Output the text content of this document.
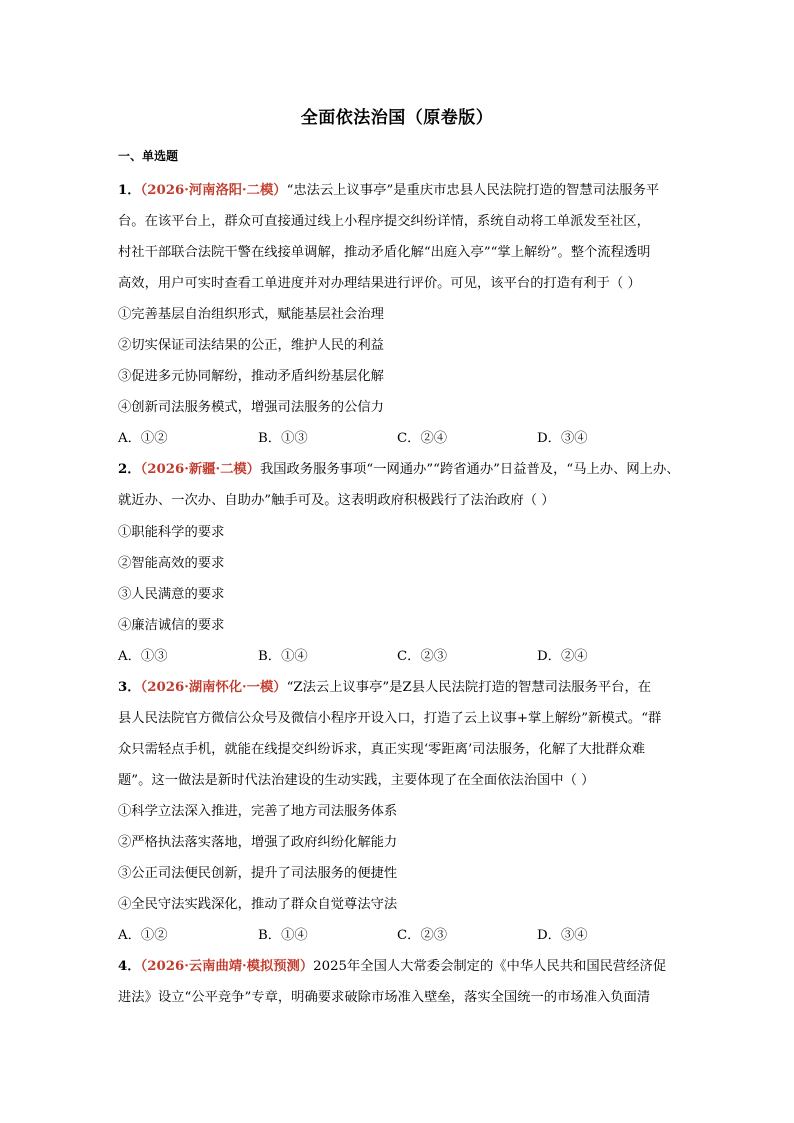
全面依法治国（原卷版）
一、单选题
1．（2026·河南洛阳·二模）“忠法云上议事亭”是重庆市忠县人民法院打造的智慧司法服务平
台。在该平台上，群众可直接通过线上小程序提交纠纷详情，系统自动将工单派发至社区，
村社干部联合法院干警在线接单调解，推动矛盾化解“出庭入亭”“掌上解纷”。整个流程透明
高效，用户可实时查看工单进度并对办理结果进行评价。可见，该平台的打造有利于（ ）
①完善基层自治组织形式，赋能基层社会治理
②切实保证司法结果的公正，维护人民的利益
③促进多元协同解纷，推动矛盾纠纷基层化解
④创新司法服务模式，增强司法服务的公信力
A．①②	B．①③	C．②④	D．③④
2．（2026·新疆·二模）我国政务服务事项“一网通办”“跨省通办”日益普及，“马上办、网上办、
就近办、一次办、自助办”触手可及。这表明政府积极践行了法治政府（ ）
①职能科学的要求
②智能高效的要求
③人民满意的要求
④廉洁诚信的要求
A．①③	B．①④	C．②③	D．②④
3．（2026·湖南怀化·一模）“Z法云上议事亭”是Z县人民法院打造的智慧司法服务平台，在
县人民法院官方微信公众号及微信小程序开设入口，打造了云上议事+掌上解纷”新模式。“群
众只需轻点手机，就能在线提交纠纷诉求，真正实现‘零距离’司法服务，化解了大批群众难
题”。这一做法是新时代法治建设的生动实践，主要体现了在全面依法治国中（ ）
①科学立法深入推进，完善了地方司法服务体系
②严格执法落实落地，增强了政府纠纷化解能力
③公正司法便民创新，提升了司法服务的便捷性
④全民守法实践深化，推动了群众自觉尊法守法
A．①②	B．①④	C．②③	D．③④
4．（2026·云南曲靖·模拟预测）2025年全国人大常委会制定的《中华人民共和国民营经济促
进法》设立“公平竞争”专章，明确要求破除市场准入壁垒，落实全国统一的市场准入负面清
